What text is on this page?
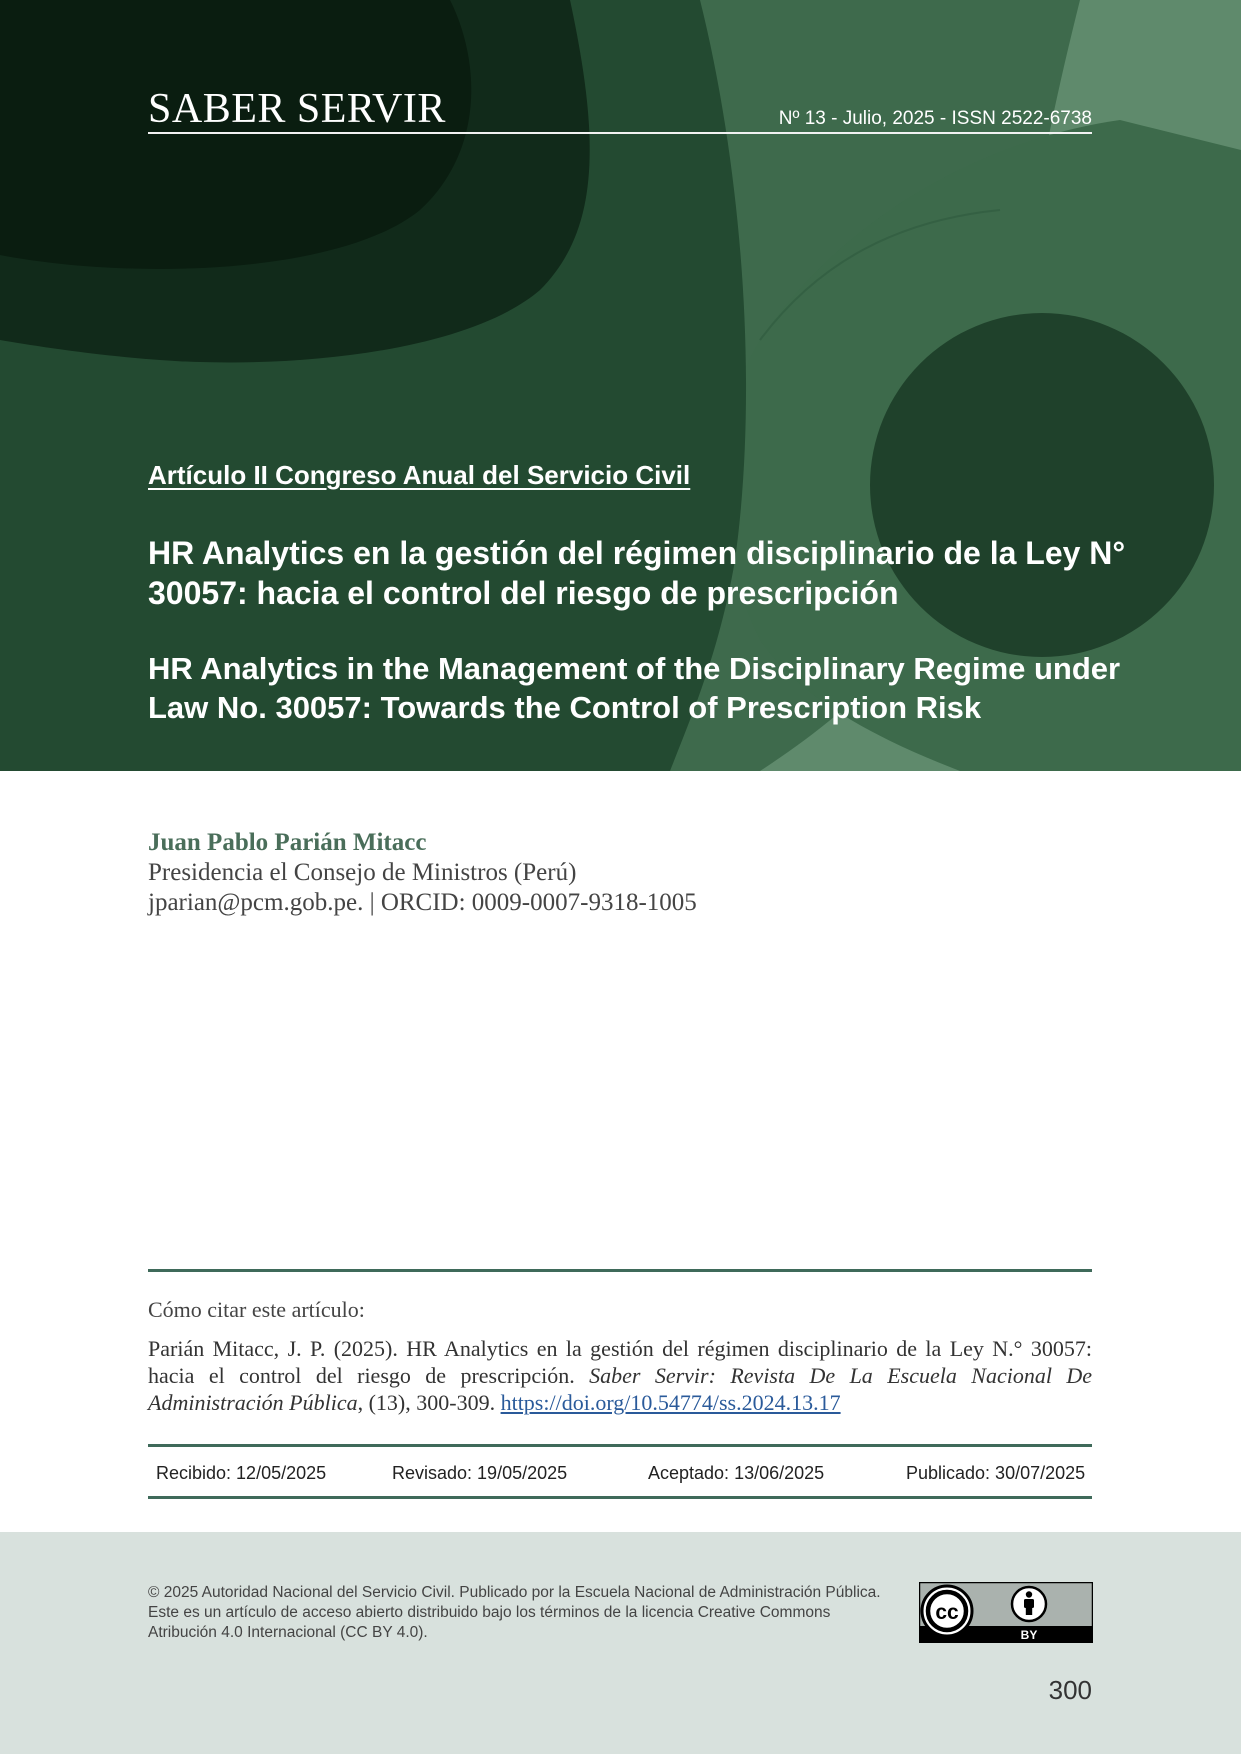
SABER SERVIR	Nº 13 - Julio, 2025 - ISSN 2522-6738
Artículo II Congreso Anual del Servicio Civil
HR Analytics en la gestión del régimen disciplinario de la Ley N° 30057: hacia el control del riesgo de prescripción
HR Analytics in the Management of the Disciplinary Regime under Law No. 30057: Towards the Control of Prescription Risk
Juan Pablo Parián Mitacc
Presidencia el Consejo de Ministros (Perú)
jparian@pcm.gob.pe. | ORCID: 0009-0007-9318-1005
Cómo citar este artículo:

Parián Mitacc, J. P. (2025). HR Analytics en la gestión del régimen disciplinario de la Ley N.° 30057: hacia el control del riesgo de prescripción. Saber Servir: Revista De La Escuela Nacional De Administración Pública, (13), 300-309. https://doi.org/10.54774/ss.2024.13.17

Recibido: 12/05/2025	Revisado: 19/05/2025	Aceptado: 13/06/2025	Publicado: 30/07/2025

© 2025 Autoridad Nacional del Servicio Civil. Publicado por la Escuela Nacional de Administración Pública. Este es un artículo de acceso abierto distribuido bajo los términos de la licencia Creative Commons Atribución 4.0 Internacional (CC BY 4.0).

cc
BY
300
